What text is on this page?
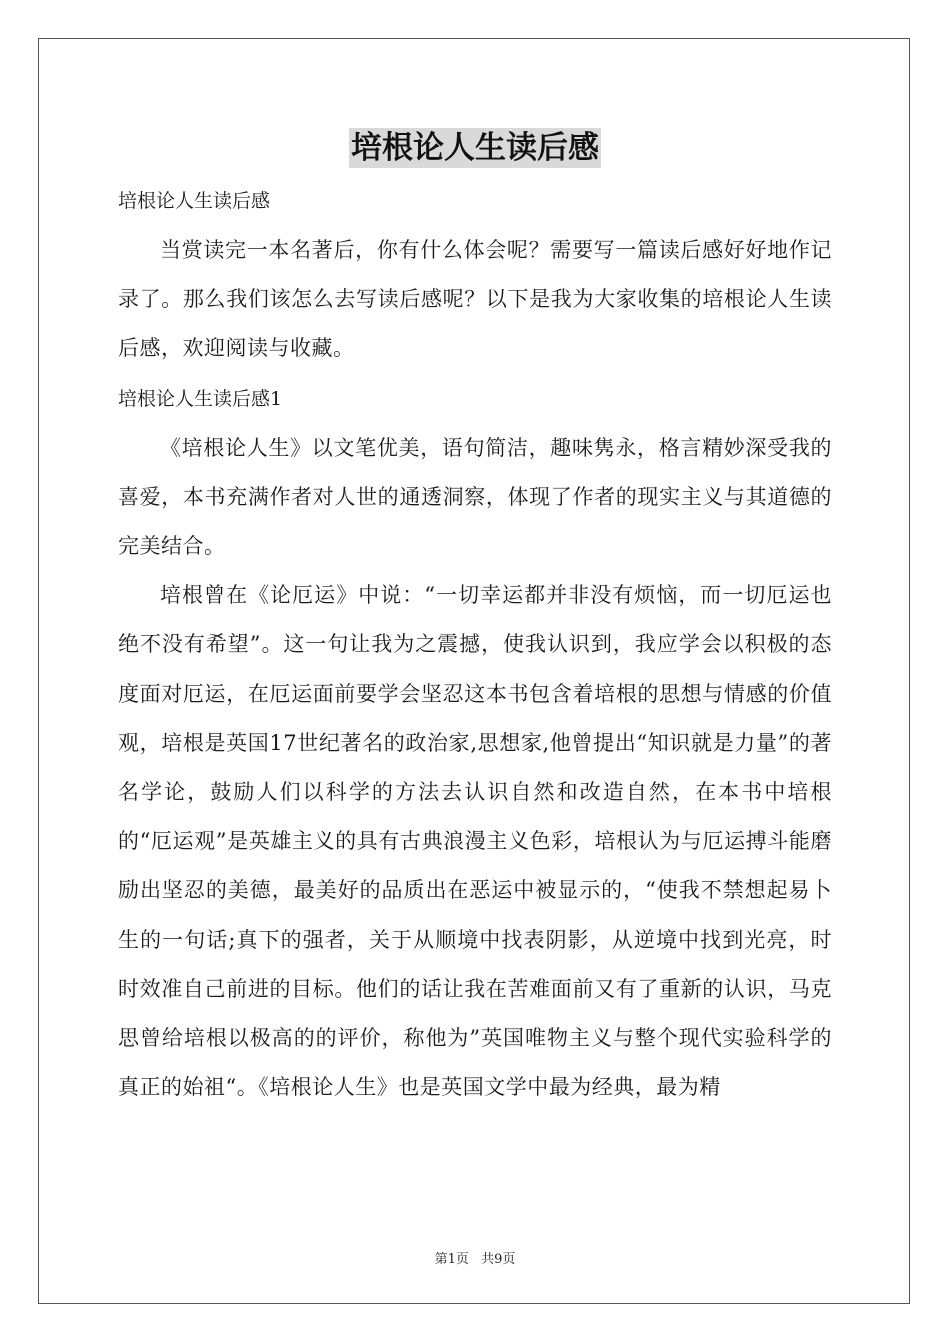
培根论人生读后感
培根论人生读后感

当赏读完一本名著后，你有什么体会呢？需要写一篇读后感好好地作记录了。那么我们该怎么去写读后感呢？以下是我为大家收集的培根论人生读后感，欢迎阅读与收藏。

培根论人生读后感1

《培根论人生》以文笔优美，语句简洁，趣味隽永，格言精妙深受我的喜爱，本书充满作者对人世的通透洞察，体现了作者的现实主义与其道德的完美结合。

培根曾在《论厄运》中说：“一切幸运都并非没有烦恼，而一切厄运也绝不没有希望”。这一句让我为之震撼，使我认识到，我应学会以积极的态度面对厄运，在厄运面前要学会坚忍这本书包含着培根的思想与情感的价值观，培根是英国17世纪著名的政治家,思想家,他曾提出“知识就是力量”的著名学论，鼓励人们以科学的方法去认识自然和改造自然，在本书中培根的“厄运观”是英雄主义的具有古典浪漫主义色彩，培根认为与厄运搏斗能磨励出坚忍的美德，最美好的品质出在恶运中被显示的，“使我不禁想起易卜生的一句话;真下的强者，关于从顺境中找表阴影，从逆境中找到光亮，时时效准自己前进的目标。他们的话让我在苦难面前又有了重新的认识，马克思曾给培根以极高的的评价，称他为”英国唯物主义与整个现代实验科学的真正的始祖“。《培根论人生》也是英国文学中最为经典，最为精

第1页 共9页
